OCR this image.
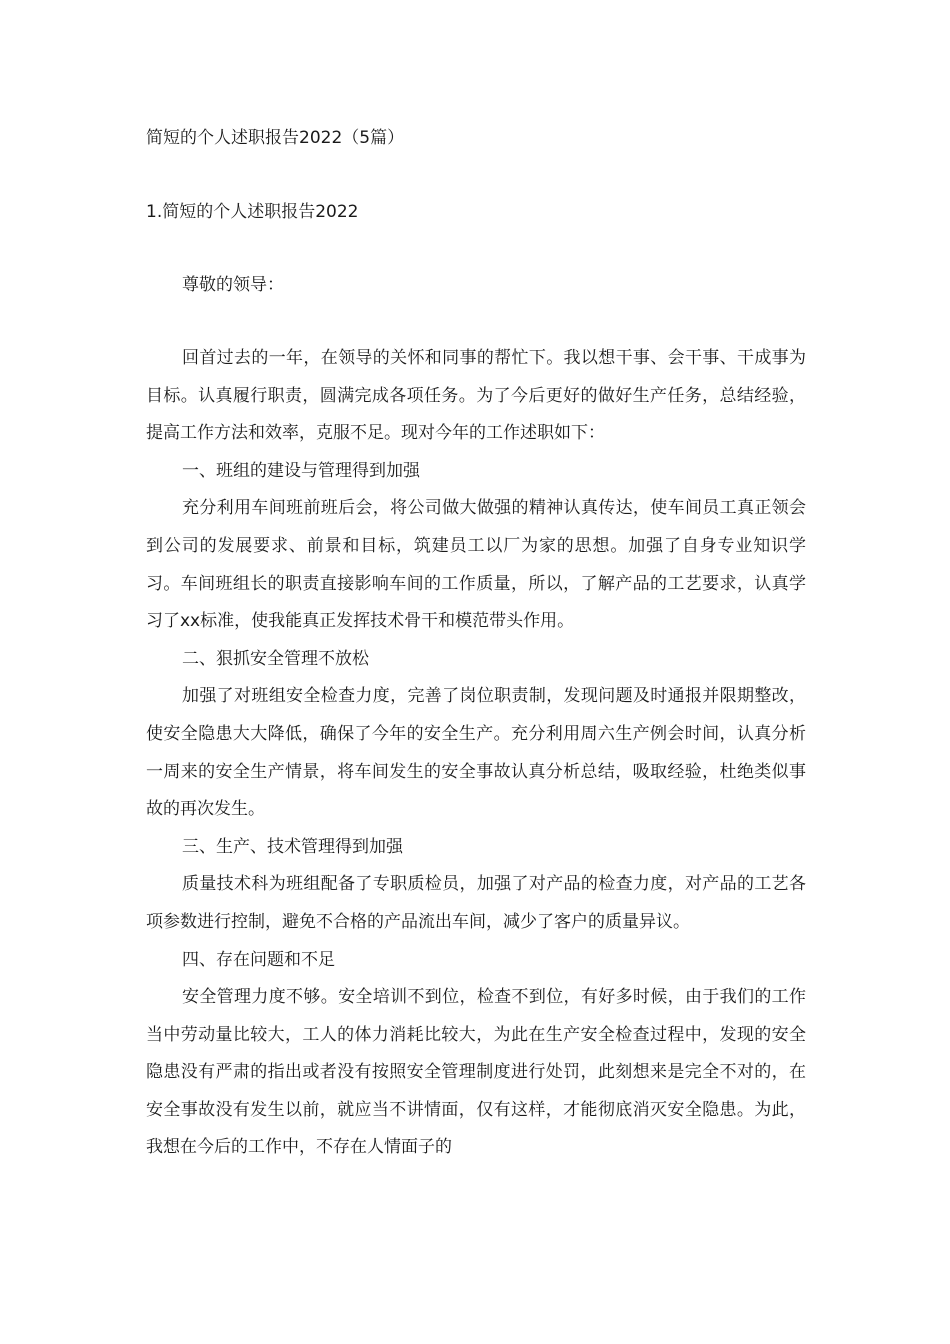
简短的个人述职报告2022（5篇）
1.简短的个人述职报告2022
尊敬的领导：

回首过去的一年，在领导的关怀和同事的帮忙下。我以想干事、会干事、干成事为目标。认真履行职责，圆满完成各项任务。为了今后更好的做好生产任务，总结经验，提高工作方法和效率，克服不足。现对今年的工作述职如下：

一、班组的建设与管理得到加强

充分利用车间班前班后会，将公司做大做强的精神认真传达，使车间员工真正领会到公司的发展要求、前景和目标，筑建员工以厂为家的思想。加强了自身专业知识学习。车间班组长的职责直接影响车间的工作质量，所以，了解产品的工艺要求，认真学习了xx标准，使我能真正发挥技术骨干和模范带头作用。

二、狠抓安全管理不放松

加强了对班组安全检查力度，完善了岗位职责制，发现问题及时通报并限期整改，使安全隐患大大降低，确保了今年的安全生产。充分利用周六生产例会时间，认真分析一周来的安全生产情景，将车间发生的安全事故认真分析总结，吸取经验，杜绝类似事故的再次发生。

三、生产、技术管理得到加强

质量技术科为班组配备了专职质检员，加强了对产品的检查力度，对产品的工艺各项参数进行控制，避免不合格的产品流出车间，减少了客户的质量异议。

四、存在问题和不足

安全管理力度不够。安全培训不到位，检查不到位，有好多时候，由于我们的工作当中劳动量比较大，工人的体力消耗比较大，为此在生产安全检查过程中，发现的安全隐患没有严肃的指出或者没有按照安全管理制度进行处罚，此刻想来是完全不对的，在安全事故没有发生以前，就应当不讲情面，仅有这样，才能彻底消灭安全隐患。为此，我想在今后的工作中，不存在人情面子的
